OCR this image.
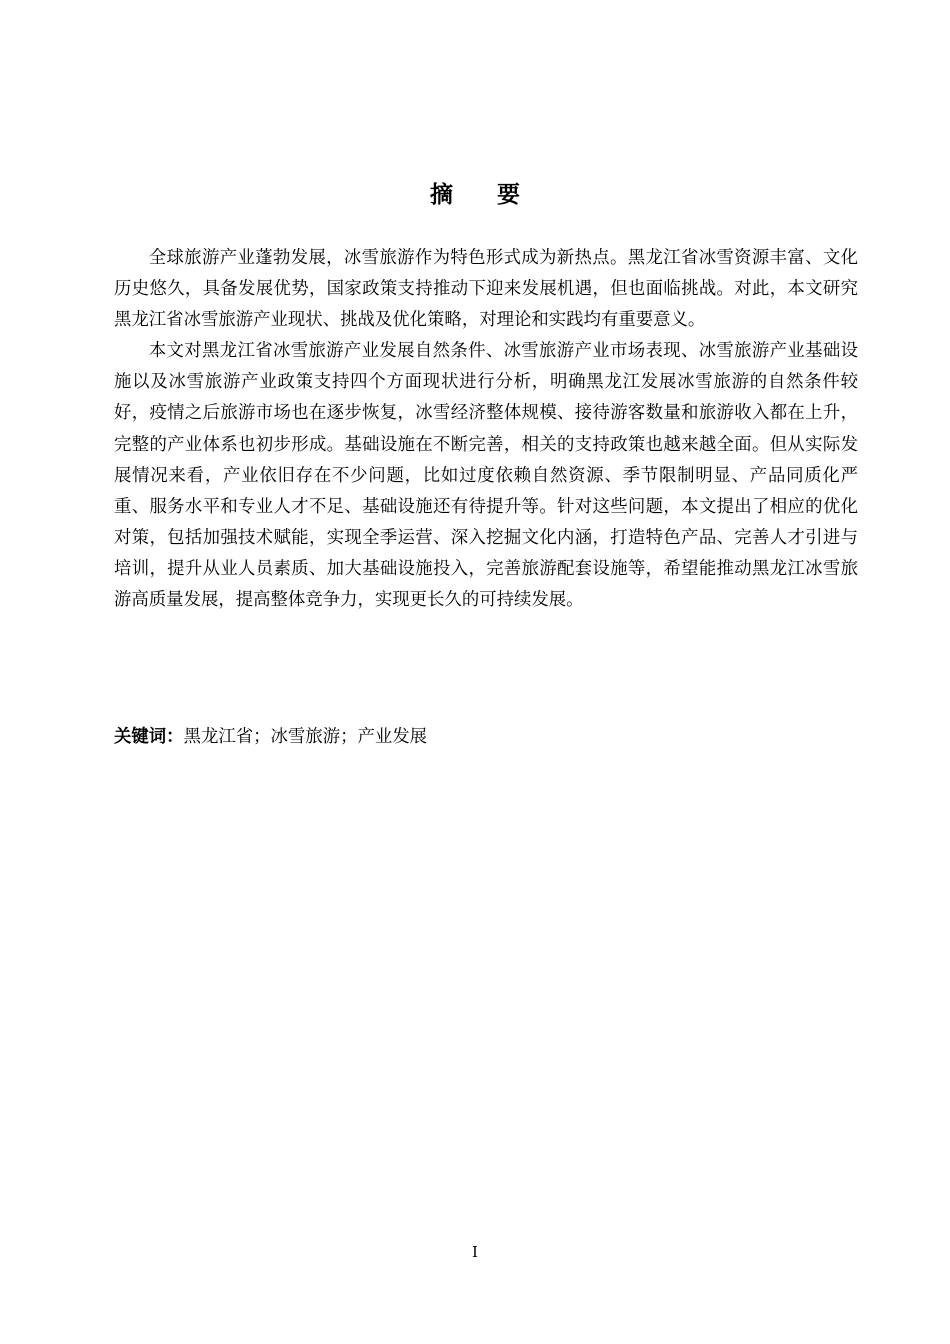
摘要

全球旅游产业蓬勃发展，冰雪旅游作为特色形式成为新热点。黑龙江省冰雪资源丰富、文化历史悠久，具备发展优势，国家政策支持推动下迎来发展机遇，但也面临挑战。对此，本文研究黑龙江省冰雪旅游产业现状、挑战及优化策略，对理论和实践均有重要意义。

本文对黑龙江省冰雪旅游产业发展自然条件、冰雪旅游产业市场表现、冰雪旅游产业基础设施以及冰雪旅游产业政策支持四个方面现状进行分析，明确黑龙江发展冰雪旅游的自然条件较好，疫情之后旅游市场也在逐步恢复，冰雪经济整体规模、接待游客数量和旅游收入都在上升，完整的产业体系也初步形成。基础设施在不断完善，相关的支持政策也越来越全面。但从实际发展情况来看，产业依旧存在不少问题，比如过度依赖自然资源、季节限制明显、产品同质化严重、服务水平和专业人才不足、基础设施还有待提升等。针对这些问题，本文提出了相应的优化对策，包括加强技术赋能，实现全季运营、深入挖掘文化内涵，打造特色产品、完善人才引进与培训，提升从业人员素质、加大基础设施投入，完善旅游配套设施等，希望能推动黑龙江冰雪旅游高质量发展，提高整体竞争力，实现更长久的可持续发展。

关键词：黑龙江省；冰雪旅游；产业发展
I
